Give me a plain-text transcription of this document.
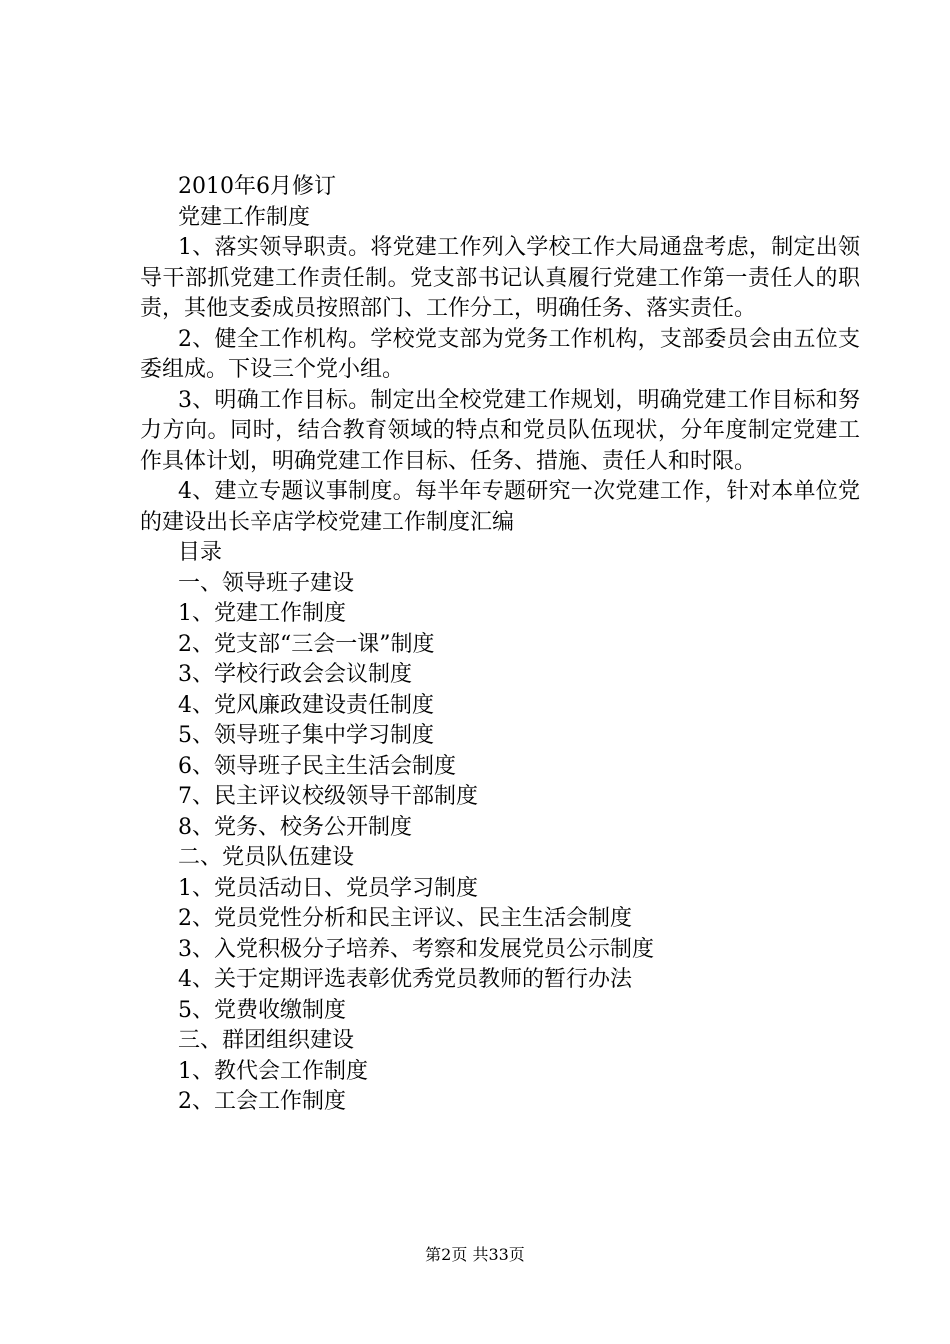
2010年6月修订
党建工作制度
1、落实领导职责。将党建工作列入学校工作大局通盘考虑，制定出领导干部抓党建工作责任制。党支部书记认真履行党建工作第一责任人的职责，其他支委成员按照部门、工作分工，明确任务、落实责任。
2、健全工作机构。学校党支部为党务工作机构，支部委员会由五位支委组成。下设三个党小组。
3、明确工作目标。制定出全校党建工作规划，明确党建工作目标和努力方向。同时，结合教育领域的特点和党员队伍现状，分年度制定党建工作具体计划，明确党建工作目标、任务、措施、责任人和时限。
4、建立专题议事制度。每半年专题研究一次党建工作，针对本单位党的建设出长辛店学校党建工作制度汇编
目录
一、领导班子建设
1、党建工作制度
2、党支部“三会一课”制度
3、学校行政会会议制度
4、党风廉政建设责任制度
5、领导班子集中学习制度
6、领导班子民主生活会制度
7、民主评议校级领导干部制度
8、党务、校务公开制度
二、党员队伍建设
1、党员活动日、党员学习制度
2、党员党性分析和民主评议、民主生活会制度
3、入党积极分子培养、考察和发展党员公示制度
4、关于定期评选表彰优秀党员教师的暂行办法
5、党费收缴制度
三、群团组织建设
1、教代会工作制度
2、工会工作制度
第2页 共33页
